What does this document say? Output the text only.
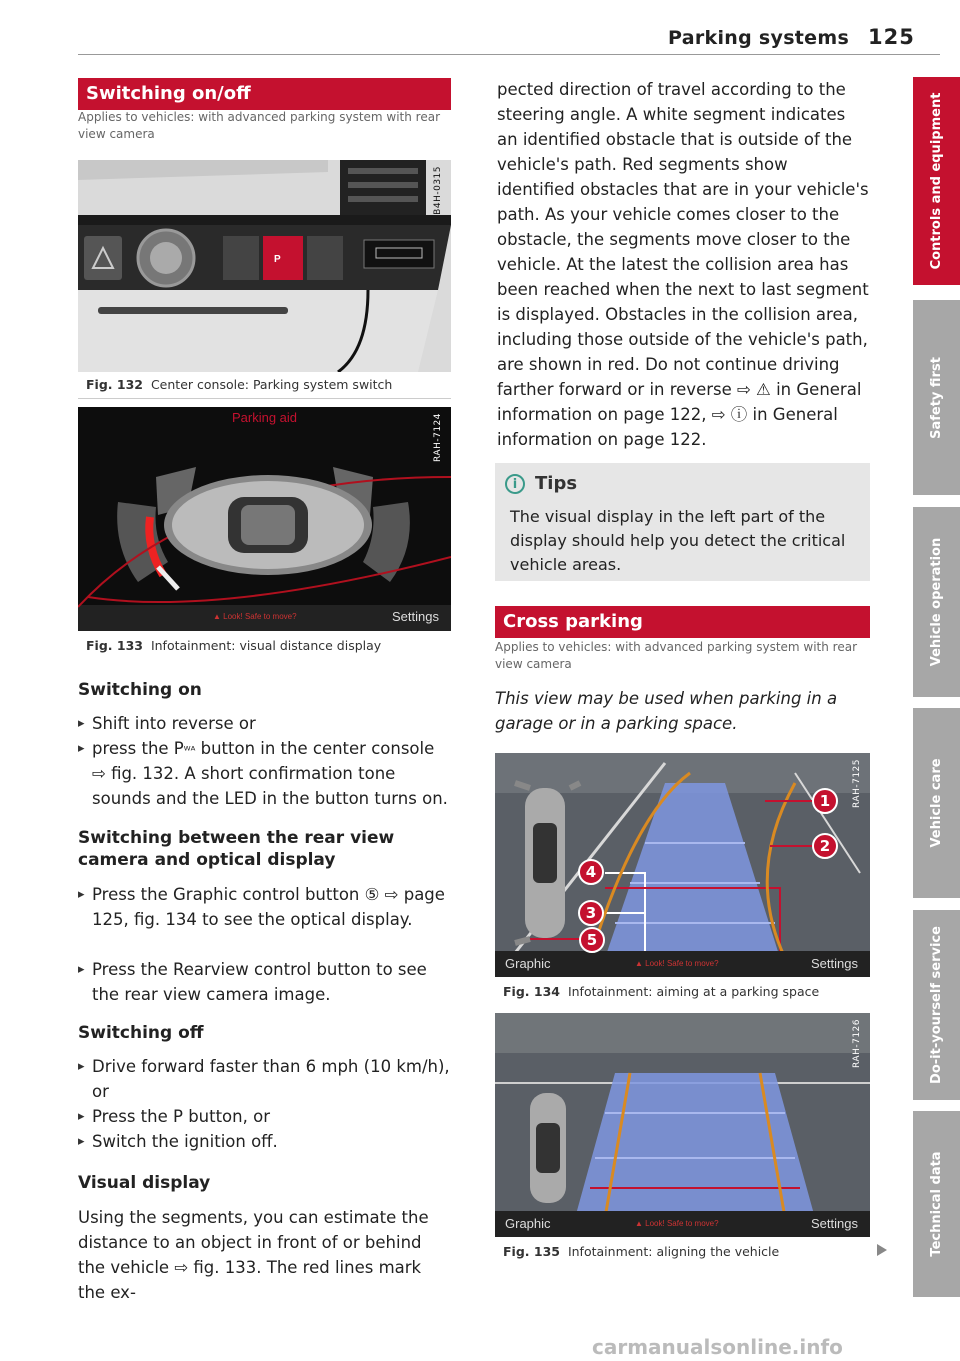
Parking systems 125
Switching on/off
Applies to vehicles: with advanced parking system with rear view camera
P
B4H-0315
Fig. 132 Center console: Parking system switch
Parking aid
▲ Look! Safe to move?	Settings
RAH-7124
Fig. 133 Infotainment: visual distance display
Switching on
▸ Shift into reverse or
▸ press the Pᵂᴬ button in the center console
⇨ fig. 132. A short confirmation tone sounds and the LED in the button turns on.
Switching between the rear view camera and optical display
▸ Press the Graphic control button ⑤ ⇨ page 125, fig. 134 to see the optical display.
▸ Press the Rearview control button to see the rear view camera image.
Switching off
▸ Drive forward faster than 6 mph (10 km/h), or
▸ Press the P button, or
▸ Switch the ignition off.
Visual display
Using the segments, you can estimate the distance to an object in front of or behind the vehicle ⇨ fig. 133. The red lines mark the ex-
pected direction of travel according to the steering angle. A white segment indicates an identified obstacle that is outside of the vehicle's path. Red segments show identified obstacles that are in your vehicle's path. As your vehicle comes closer to the obstacle, the segments move closer to the vehicle. At the latest the collision area has been reached when the next to last segment is displayed. Obstacles in the collision area, including those outside of the vehicle's path, are shown in red. Do not continue driving farther forward or in reverse ⇨ ⚠ in General information on page 122, ⇨ ⓘ in General information on page 122.
i Tips
The visual display in the left part of the display should help you detect the critical vehicle areas.
Cross parking
Applies to vehicles: with advanced parking system with rear view camera
This view may be used when parking in a garage or in a parking space.
1
2
3
4
5
Graphic	▲ Look! Safe to move?	Settings
RAH-7125
Fig. 134 Infotainment: aiming at a parking space
Graphic	▲ Look! Safe to move?	Settings
RAH-7126
Fig. 135 Infotainment: aligning the vehicle
Controls and equipment
Safety first
Vehicle operation
Vehicle care
Do-it-yourself service
Technical data
carmanualsonline.info
